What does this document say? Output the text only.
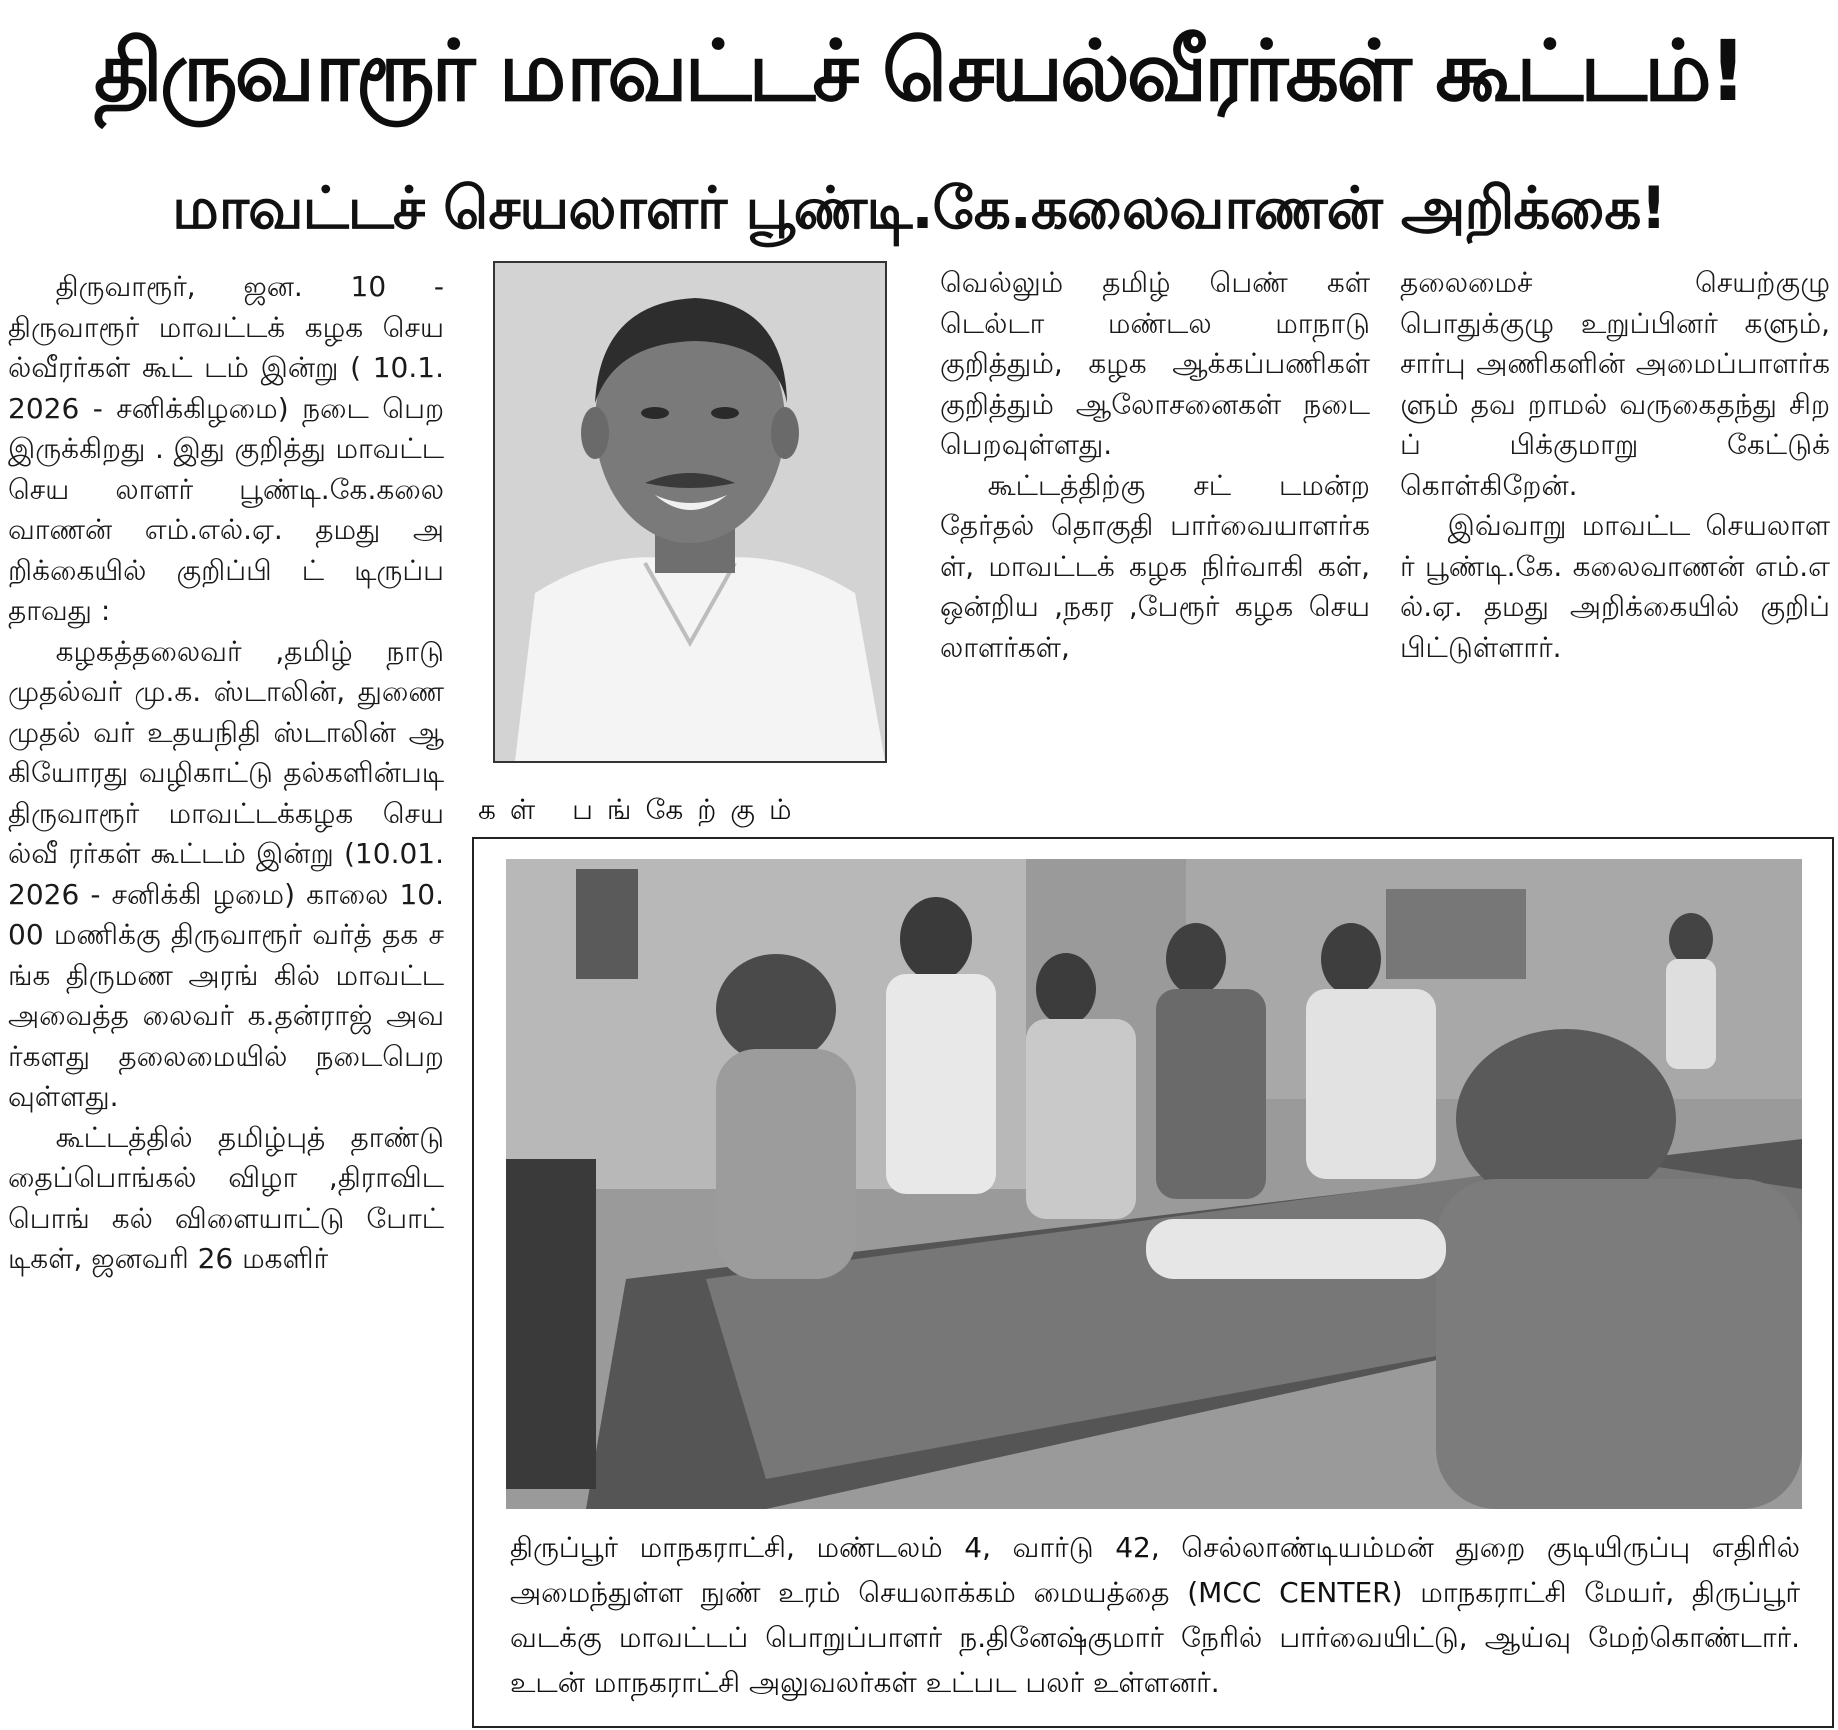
திருவாரூர் மாவட்டச் செயல்வீரர்கள் கூட்டம்!
மாவட்டச் செயலாளர் பூண்டி.கே.கலைவாணன் அறிக்கை!

திருவாரூர், ஜன. 10 - திருவாரூர் மாவட்டக் கழக செயல்வீரர்கள் கூட் டம் இன்று ( 10.1.2026 - சனிக்கிழமை) நடை பெற இருக்கிறது . இது குறித்து மாவட்ட செய லாளர் பூண்டி.கே.கலை வாணன் எம்.எல்.ஏ. தமது அறிக்கையில் குறிப்பி ட் டிருப்ப தாவது :

கழகத்தலைவர் ,தமிழ் நாடு முதல்வர் மு.க. ஸ்டாலின், துணை முதல் வர் உதயநிதி ஸ்டாலின் ஆகியோரது வழிகாட்டு தல்களின்படி திருவாரூர் மாவட்டக்கழக செயல்வீ ரர்கள் கூட்டம் இன்று (10.01.2026 - சனிக்கி ழமை) காலை 10.00 மணிக்கு திருவாரூர் வர்த் தக சங்க திருமண அரங் கில் மாவட்ட அவைத்த லைவர் க.தன்ராஜ் அவர்களது தலைமையில் நடைபெறவுள்ளது.

கூட்டத்தில் தமிழ்புத் தாண்டு தைப்பொங்கல் விழா ,திராவிட பொங் கல் விளையாட்டு போட் டிகள், ஜனவரி 26 மகளிர்

கள் பங்கேற்கும்

வெல்லும் தமிழ் பெண் கள் டெல்டா மண்டல மாநாடு குறித்தும், கழக ஆக்கப்பணிகள் குறித்தும் ஆலோசனைகள் நடை பெறவுள்ளது.

கூட்டத்திற்கு சட் டமன்ற தேர்தல் தொகுதி பார்வையாளர்கள், மாவட்டக் கழக நிர்வாகி கள், ஒன்றிய ,நகர ,பேரூர் கழக செயலாளர்கள்,

தலைமைச் செயற்குழு பொதுக்குழு உறுப்பினர் களும், சார்பு அணிகளின் அமைப்பாளர்களும் தவ றாமல் வருகைதந்து சிறப் பிக்குமாறு கேட்டுக் கொள்கிறேன்.

இவ்வாறு மாவட்ட செயலாளர் பூண்டி.கே. கலைவாணன் எம்.எல்.ஏ. தமது அறிக்கையில் குறிப் பிட்டுள்ளார்.

திருப்பூர் மாநகராட்சி, மண்டலம் 4, வார்டு 42, செல்லாண்டியம்மன் துறை குடியிருப்பு எதிரில் அமைந்துள்ள நுண் உரம் செயலாக்கம் மையத்தை (MCC CENTER) மாநகராட்சி மேயர், திருப்பூர் வடக்கு மாவட்டப் பொறுப்பாளர் ந.தினேஷ்குமார் நேரில் பார்வையிட்டு, ஆய்வு மேற்கொண்டார். உடன் மாநகராட்சி அலுவலர்கள் உட்பட பலர் உள்ளனர்.
